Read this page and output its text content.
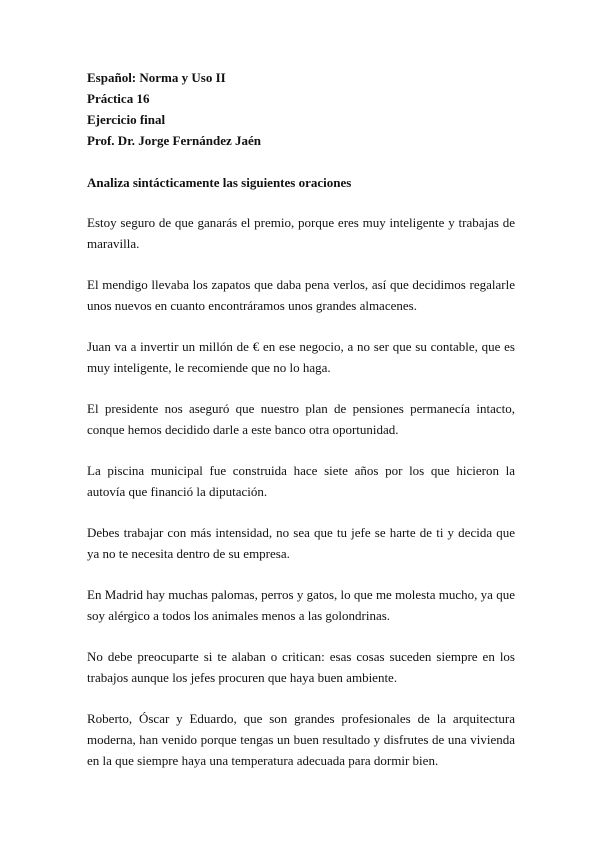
Español: Norma y Uso II
Práctica 16
Ejercicio final
Prof. Dr. Jorge Fernández Jaén
Analiza sintácticamente las siguientes oraciones

Estoy seguro de que ganarás el premio, porque eres muy inteligente y trabajas de maravilla.

El mendigo llevaba los zapatos que daba pena verlos, así que decidimos regalarle unos nuevos en cuanto encontráramos unos grandes almacenes.

Juan va a invertir un millón de € en ese negocio, a no ser que su contable, que es muy inteligente, le recomiende que no lo haga.

El presidente nos aseguró que nuestro plan de pensiones permanecía intacto, conque hemos decidido darle a este banco otra oportunidad.

La piscina municipal fue construida hace siete años por los que hicieron la autovía que financió la diputación.

Debes trabajar con más intensidad, no sea que tu jefe se harte de ti y decida que ya no te necesita dentro de su empresa.

En Madrid hay muchas palomas, perros y gatos, lo que me molesta mucho, ya que soy alérgico a todos los animales menos a las golondrinas.

No debe preocuparte si te alaban o critican: esas cosas suceden siempre en los trabajos aunque los jefes procuren que haya buen ambiente.

Roberto, Óscar y Eduardo, que son grandes profesionales de la arquitectura moderna, han venido porque tengas un buen resultado y disfrutes de una vivienda en la que siempre haya una temperatura adecuada para dormir bien.
